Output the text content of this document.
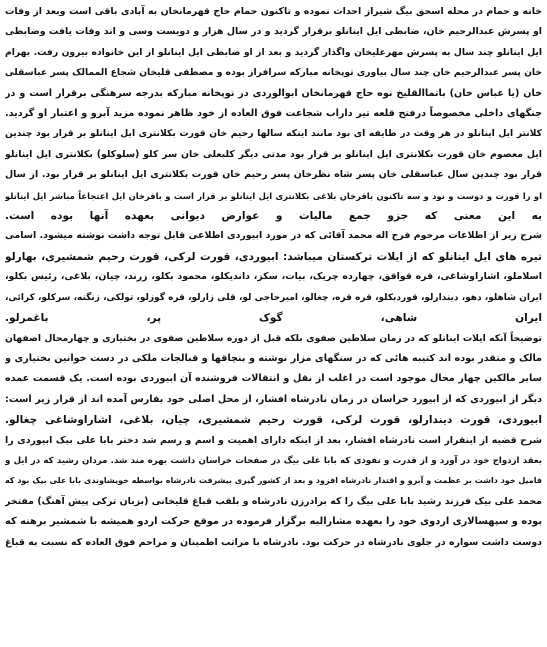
خانه و حمام در محله اسحق بیگ شیراز احداث نموده و تاکنون حمام حاج قهرمانخان به آبادی باقی است وبعد از وفات
او پسرش عبدالرحیم خان، ضابطی ایل اینانلو برقرار گردید و در سال هزار و دویست وسی و اند وفات یافت وضابطی
ایل اینانلو چند سال به پسرش مهرعلیخان واگذار گردید و بعد از او ضابطی ایل اینانلو از این خانواده بیرون رفت. بهرام
خان پسر عبدالرحیم خان چند سال بیاوری توپخانه مبارکه سرافراز بوده و مصطفی قلیخان شجاع الممالک پسر عباسقلی
خان (یا عباس خان) باتماالقلیخ نوه حاج قهرمانخان ابوالوردی در توپخانه مبارکه بدرجه سرهنگی برقرار است و در
جنگهای داخلی مخصوصاً درفتح قلعه تیر داراب شجاعت فوق العاده از خود ظاهر نموده مزید آبرو و اعتبار او گردید.
کلانتر ایل اینانلو در هر وقت در طایفه ای بود مانند اینکه سالها رحیم خان قورت بکلانتری ایل اینانلو بر قرار بود چندین
ایل معصوم خان قورت بکلانتری ایل اینانلو بر قرار بود مدتی دیگر کلبعلی خان سر کلو (سلوکلو) بکلانتری ایل اینانلو
قرار بود چندین سال عباسقلی خان پسر شاه نظرخان پسر رحیم خان قورت بکلانتری ایل اینانلو بر قرار بود. از سال
او را قورت و دوست و نود و سه تاکنون باقرخان بلاغی بکلانتری ایل اینانلو بر قرار است و باقرخان ایل اعتجاعاً مباشر ایل اینانلو
به این معنی که جزو جمع مالیات و عوارض دیوانی بعهده آنها بوده است.
شرح زیر از اطلاعات مرحوم فرج اله محمد آقائی که در مورد ابیوردی اطلاعی قابل توجه داشت نوشته میشود. اسامی
تیره های ایل اینانلو که از ایلات ترکستان میباشد: ابیوردی، قورت لرکی، قورت رحیم شمشیری، بهارلو
اسلاملو، اشاراوشاغی، قره قواقق، چهارده چریک، بیات، سکز، داندیکلو، محمود بکلو، زرند، چیان، بلاغی، رئیس بکلو،
ایران شاهلو، دهو، دیندارلو، قوردبکلو، قره قره، چغالو، امیرحاجی لو، قلی زارلو، قره گوزلو، تولکی، زنگنه، سرکلو، کرائی،
ایران شاهی، گوک پر، باغمرلو.
توضیحاً آنکه ایلات اینانلو که در زمان سلاطین صفوی بلکه قبل از دوره سلاطین صفوی در بختیاری و چهارمحال اصفهان
مالک و متقدر بوده اند کتیبه هائی که در سنگهای مزار نوشته و بنچاقها و قبالجات ملکی در دست خوانین بختیاری و
سایر مالکین چهار محال موجود است در اغلب از نقل و انتقالات فروشنده آن ابیوردی بوده است. یک قسمت عمده
دیگر از ابیوردی که از ابیورد خراسان در زمان نادرشاه افشار، از محل اصلی خود بفارس آمده اند از قرار زیر است:
ابیوردی، قورت دیندارلو، قورت لرکی، قورت رحیم شمشیری، چیان، بلاغی، اشاراوشاغی چغالو.
شرح قضیه از اینقرار است نادرشاه افشار، بعد از اینکه دارای اهمیت و اسم و رسم شد دختر بابا علی بیک ابیوردی را
بعقد ازدواج خود در آورد و از قدرت و نفوذی که بابا علی بیگ در صفحات خراسان داشت بهره مند شد. مردان رشید که در ایل و
فامیل خود داشت بر عظمت و آبرو و اقتدار نادرشاه افزود و بعد از کشور گیری بیشرفت نادرشاه بواسطه خویشاوندی بابا علی بیک بود که
محمد علی بیک فرزند رشید بابا علی بیگ را که برادرزن نادرشاه و بلقب قباغ قلیخانی (بزبان ترکی پیش آهنگ) مفتخر
بوده و سپهسالاری اردوی خود را بعهده مشارالیه برگزار فرموده در موقع حرکت اردو همیشه با شمشیر برهنه که
دوست داشت سواره در جلوی نادرشاه در حرکت بود. نادرشاه با مراتب اطمینان و مراحم فوق العاده که نسبت به قباغ
